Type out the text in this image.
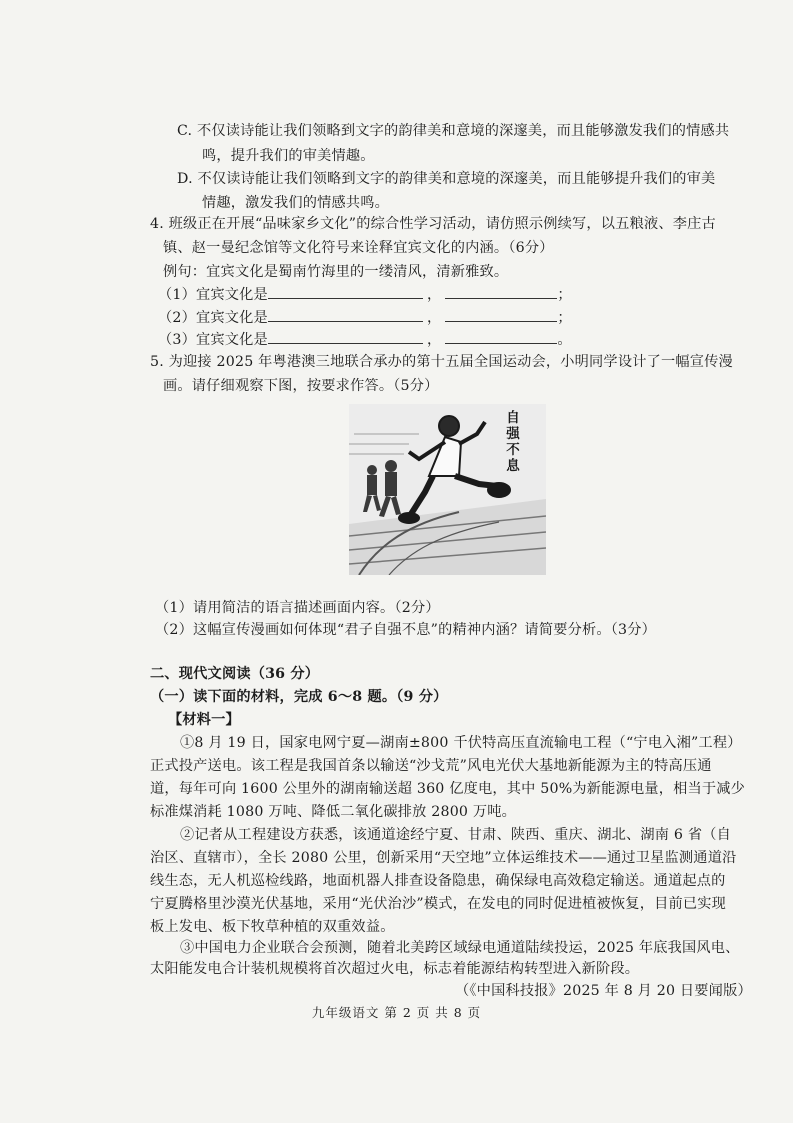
C. 不仅读诗能让我们领略到文字的韵律美和意境的深邃美，而且能够激发我们的情感共
鸣，提升我们的审美情趣。
D. 不仅读诗能让我们领略到文字的韵律美和意境的深邃美，而且能够提升我们的审美
情趣，激发我们的情感共鸣。
4. 班级正在开展“品味家乡文化”的综合性学习活动，请仿照示例续写，以五粮液、李庄古
镇、赵一曼纪念馆等文化符号来诠释宜宾文化的内涵。（6分）
例句：宜宾文化是蜀南竹海里的一缕清风，清新雅致。
（1）宜宾文化是	，	；
（2）宜宾文化是	，	；
（3）宜宾文化是	，	。
5. 为迎接 2025 年粤港澳三地联合承办的第十五届全国运动会，小明同学设计了一幅宣传漫
画。请仔细观察下图，按要求作答。（5分）
自
强
不
息
（1）请用简洁的语言描述画面内容。（2分）
（2）这幅宣传漫画如何体现“君子自强不息”的精神内涵？请简要分析。（3分）
二、现代文阅读（36 分）
（一）读下面的材料，完成 6～8 题。（9 分）
【材料一】
①8 月 19 日，国家电网宁夏—湖南±800 千伏特高压直流输电工程（“宁电入湘”工程）
正式投产送电。该工程是我国首条以输送“沙戈荒”风电光伏大基地新能源为主的特高压通
道，每年可向 1600 公里外的湖南输送超 360 亿度电，其中 50%为新能源电量，相当于减少
标准煤消耗 1080 万吨、降低二氧化碳排放 2800 万吨。
②记者从工程建设方获悉，该通道途经宁夏、甘肃、陕西、重庆、湖北、湖南 6 省（自
治区、直辖市），全长 2080 公里，创新采用“天空地”立体运维技术——通过卫星监测通道沿
线生态，无人机巡检线路，地面机器人排查设备隐患，确保绿电高效稳定输送。通道起点的
宁夏腾格里沙漠光伏基地，采用“光伏治沙”模式，在发电的同时促进植被恢复，目前已实现
板上发电、板下牧草种植的双重效益。
③中国电力企业联合会预测，随着北美跨区域绿电通道陆续投运，2025 年底我国风电、
太阳能发电合计装机规模将首次超过火电，标志着能源结构转型进入新阶段。
（《中国科技报》2025 年 8 月 20 日要闻版）
九年级语文 第 2 页 共 8 页
